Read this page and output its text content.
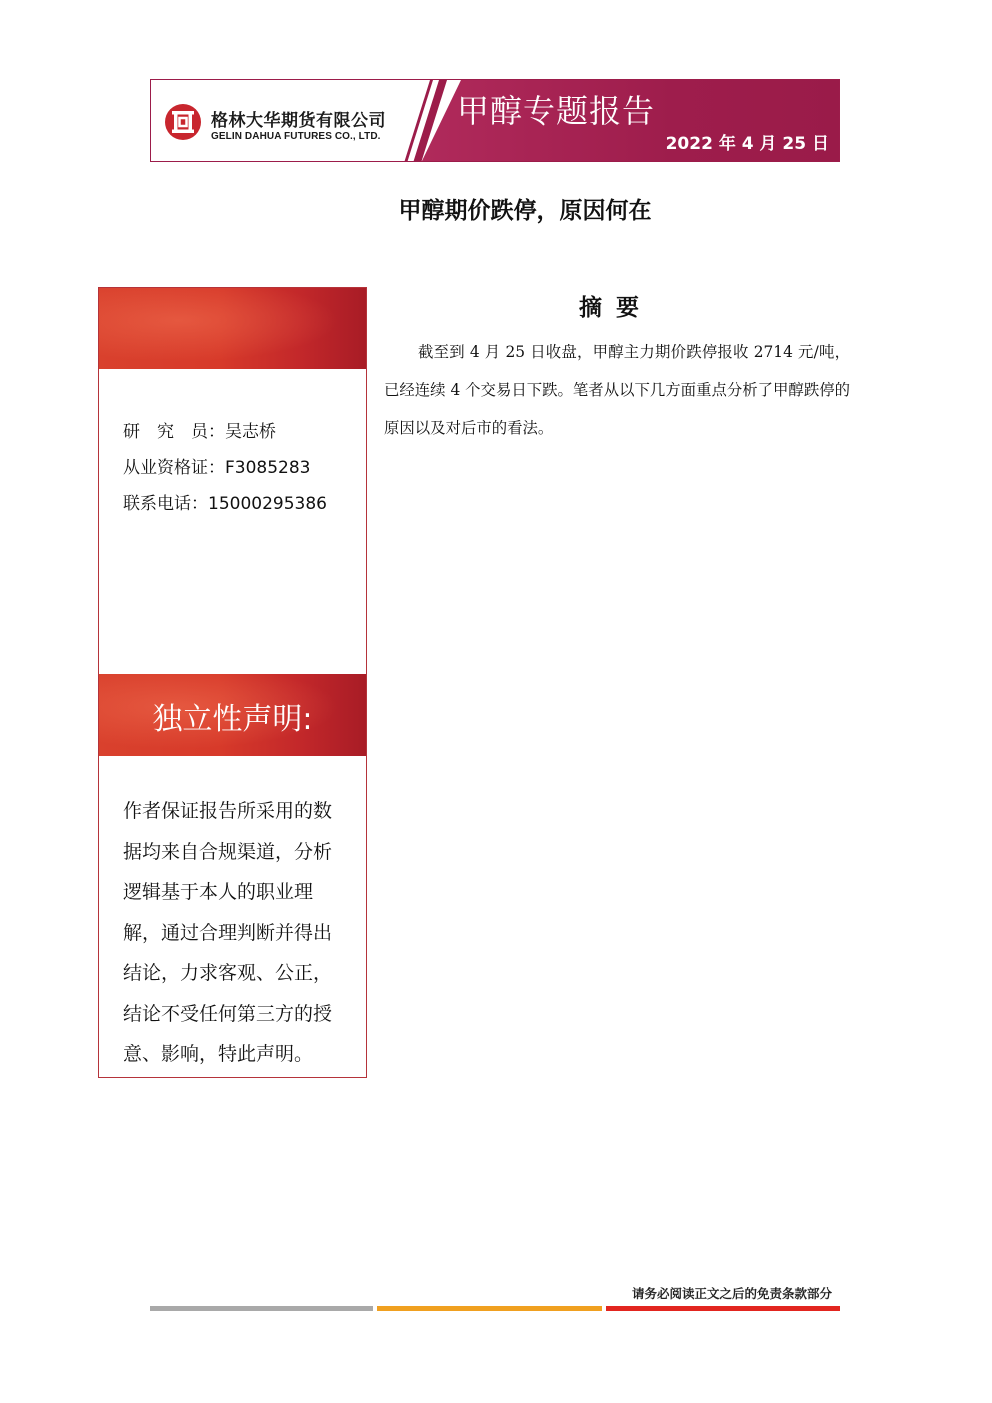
格林大华期货有限公司
GELIN DAHUA FUTURES CO., LTD.
甲醇专题报告
2022 年 4 月 25 日
甲醇期价跌停，原因何在
研究员：吴志桥
从业资格证：F3085283
联系电话：15000295386
独立性声明:
作者保证报告所采用的数据均来自合规渠道，分析逻辑基于本人的职业理解，通过合理判断并得出结论，力求客观、公正，结论不受任何第三方的授意、影响，特此声明。
摘要
截至到 4 月 25 日收盘，甲醇主力期价跌停报收 2714 元/吨，已经连续 4 个交易日下跌。笔者从以下几方面重点分析了甲醇跌停的原因以及对后市的看法。
请务必阅读正文之后的免责条款部分
